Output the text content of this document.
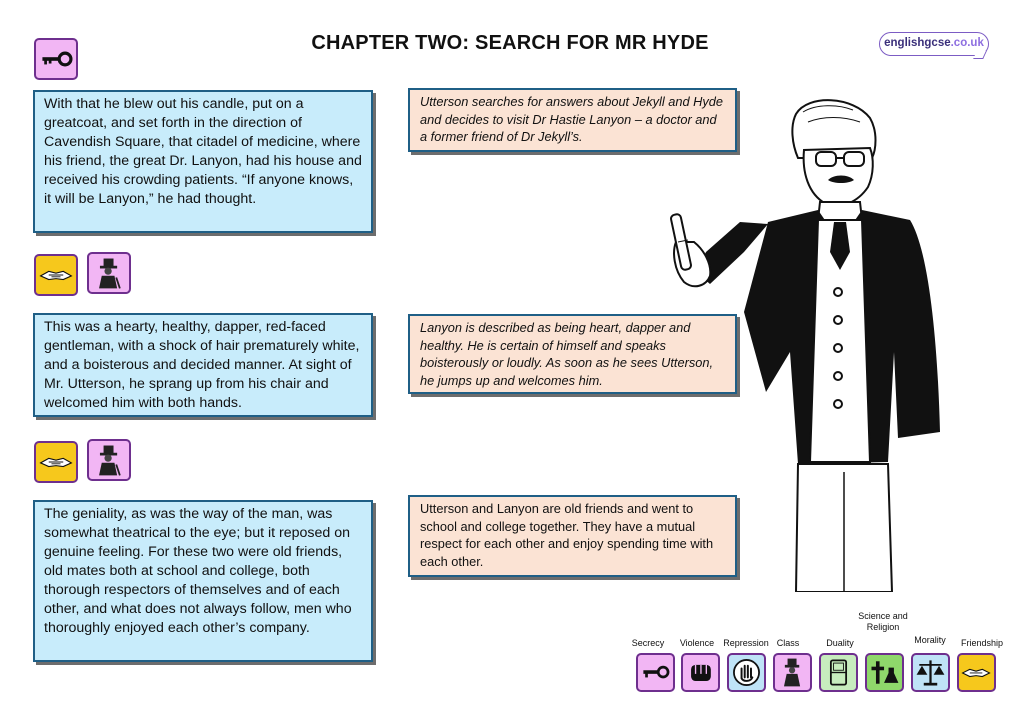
CHAPTER TWO: SEARCH FOR MR HYDE	englishgcse.co.uk
With that he blew out his candle, put on a greatcoat, and set forth in the direction of Cavendish Square, that citadel of medicine, where his friend, the great Dr. Lanyon, had his house and received his crowding patients. “If anyone knows, it will be Lanyon,” he had thought.
This was a hearty, healthy, dapper, red-faced gentleman, with a shock of hair prematurely white, and a boisterous and decided manner. At sight of Mr. Utterson, he sprang up from his chair and welcomed him with both hands.
The geniality, as was the way of the man, was somewhat theatrical to the eye; but it reposed on genuine feeling. For these two were old friends, old mates both at school and college, both thorough respectors of themselves and of each other, and what does not always follow, men who thoroughly enjoyed each other’s company.
Utterson searches for answers about Jekyll and Hyde and decides to visit Dr Hastie Lanyon – a doctor and a former friend of Dr Jekyll’s.
Lanyon is described as being heart, dapper and healthy. He is certain of himself and speaks boisterously or loudly. As soon as he sees Utterson, he jumps up and welcomes him.
Utterson and Lanyon are old friends and went to school and college together. They have a mutual respect for each other and enjoy spending time with each other.
Secrecy	Violence	Repression Class	Duality
Science and Religion
Morality	Friendship
